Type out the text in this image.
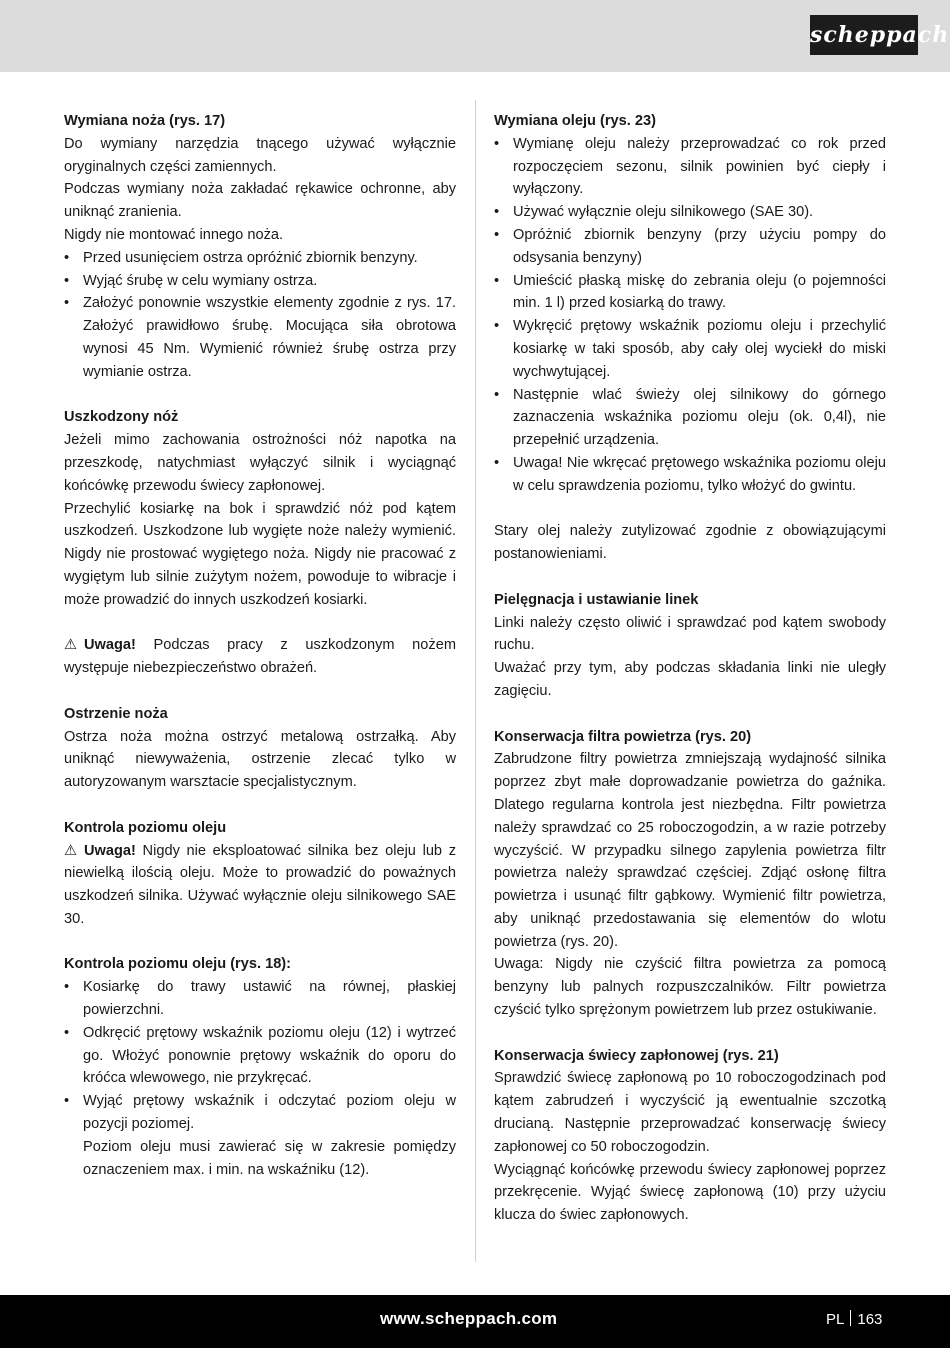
scheppach
Wymiana noża (rys. 17)

Do wymiany narzędzia tnącego używać wyłącznie oryginalnych części zamiennych.

Podczas wymiany noża zakładać rękawice ochronne, aby uniknąć zranienia.

Nigdy nie montować innego noża.

• Przed usunięciem ostrza opróżnić zbiornik benzyny.
• Wyjąć śrubę w celu wymiany ostrza.
• Założyć ponownie wszystkie elementy zgodnie z rys. 17. Założyć prawidłowo śrubę. Mocująca siła obrotowa wynosi 45 Nm. Wymienić również śrubę ostrza przy wymianie ostrza.
Uszkodzony nóż

Jeżeli mimo zachowania ostrożności nóż napotka na przeszkodę, natychmiast wyłączyć silnik i wyciągnąć końcówkę przewodu świecy zapłonowej.

Przechylić kosiarkę na bok i sprawdzić nóż pod kątem uszkodzeń. Uszkodzone lub wygięte noże należy wymienić. Nigdy nie prostować wygiętego noża. Nigdy nie pracować z wygiętym lub silnie zużytym nożem, powoduje to wibracje i może prowadzić do innych uszkodzeń kosiarki.

⚠ Uwaga! Podczas pracy z uszkodzonym nożem występuje niebezpieczeństwo obrażeń.

Ostrzenie noża

Ostrza noża można ostrzyć metalową ostrzałką. Aby uniknąć niewyważenia, ostrzenie zlecać tylko w autoryzowanym warsztacie specjalistycznym.

Kontrola poziomu oleju

⚠ Uwaga! Nigdy nie eksploatować silnika bez oleju lub z niewielką ilością oleju. Może to prowadzić do poważnych uszkodzeń silnika. Używać wyłącznie oleju silnikowego SAE 30.

Kontrola poziomu oleju (rys. 18):
• Kosiarkę do trawy ustawić na równej, płaskiej powierzchni.
• Odkręcić prętowy wskaźnik poziomu oleju (12) i wytrzeć go. Włożyć ponownie prętowy wskaźnik do oporu do króćca wlewowego, nie przykręcać.
• Wyjąć prętowy wskaźnik i odczytać poziom oleju w pozycji poziomej.
Poziom oleju musi zawierać się w zakresie pomiędzy oznaczeniem max. i min. na wskaźniku (12).
Wymiana oleju (rys. 23)
• Wymianę oleju należy przeprowadzać co rok przed rozpoczęciem sezonu, silnik powinien być ciepły i wyłączony.
• Używać wyłącznie oleju silnikowego (SAE 30).
• Opróżnić zbiornik benzyny (przy użyciu pompy do odsysania benzyny)
• Umieścić płaską miskę do zebrania oleju (o pojemności min. 1 l) przed kosiarką do trawy.
• Wykręcić prętowy wskaźnik poziomu oleju i przechylić kosiarkę w taki sposób, aby cały olej wyciekł do miski wychwytującej.
• Następnie wlać świeży olej silnikowy do górnego zaznaczenia wskaźnika poziomu oleju (ok. 0,4l), nie przepełnić urządzenia.
• Uwaga! Nie wkręcać prętowego wskaźnika poziomu oleju w celu sprawdzenia poziomu, tylko włożyć do gwintu.

Stary olej należy zutylizować zgodnie z obowiązującymi postanowieniami.

Pielęgnacja i ustawianie linek

Linki należy często oliwić i sprawdzać pod kątem swobody ruchu.

Uważać przy tym, aby podczas składania linki nie uległy zagięciu.

Konserwacja filtra powietrza (rys. 20)

Zabrudzone filtry powietrza zmniejszają wydajność silnika poprzez zbyt małe doprowadzanie powietrza do gaźnika. Dlatego regularna kontrola jest niezbędna. Filtr powietrza należy sprawdzać co 25 roboczogodzin, a w razie potrzeby wyczyścić. W przypadku silnego zapylenia powietrza filtr powietrza należy sprawdzać częściej. Zdjąć osłonę filtra powietrza i usunąć filtr gąbkowy. Wymienić filtr powietrza, aby uniknąć przedostawania się elementów do wlotu powietrza (rys. 20).

Uwaga: Nigdy nie czyścić filtra powietrza za pomocą benzyny lub palnych rozpuszczalników. Filtr powietrza czyścić tylko sprężonym powietrzem lub przez ostukiwanie.

Konserwacja świecy zapłonowej (rys. 21)

Sprawdzić świecę zapłonową po 10 roboczogodzinach pod kątem zabrudzeń i wyczyścić ją ewentualnie szczotką drucianą. Następnie przeprowadzać konserwację świecy zapłonowej co 50 roboczogodzin.

Wyciągnąć końcówkę przewodu świecy zapłonowej poprzez przekręcenie. Wyjąć świecę zapłonową (10) przy użyciu klucza do świec zapłonowych.

www.scheppach.com	PL 163
